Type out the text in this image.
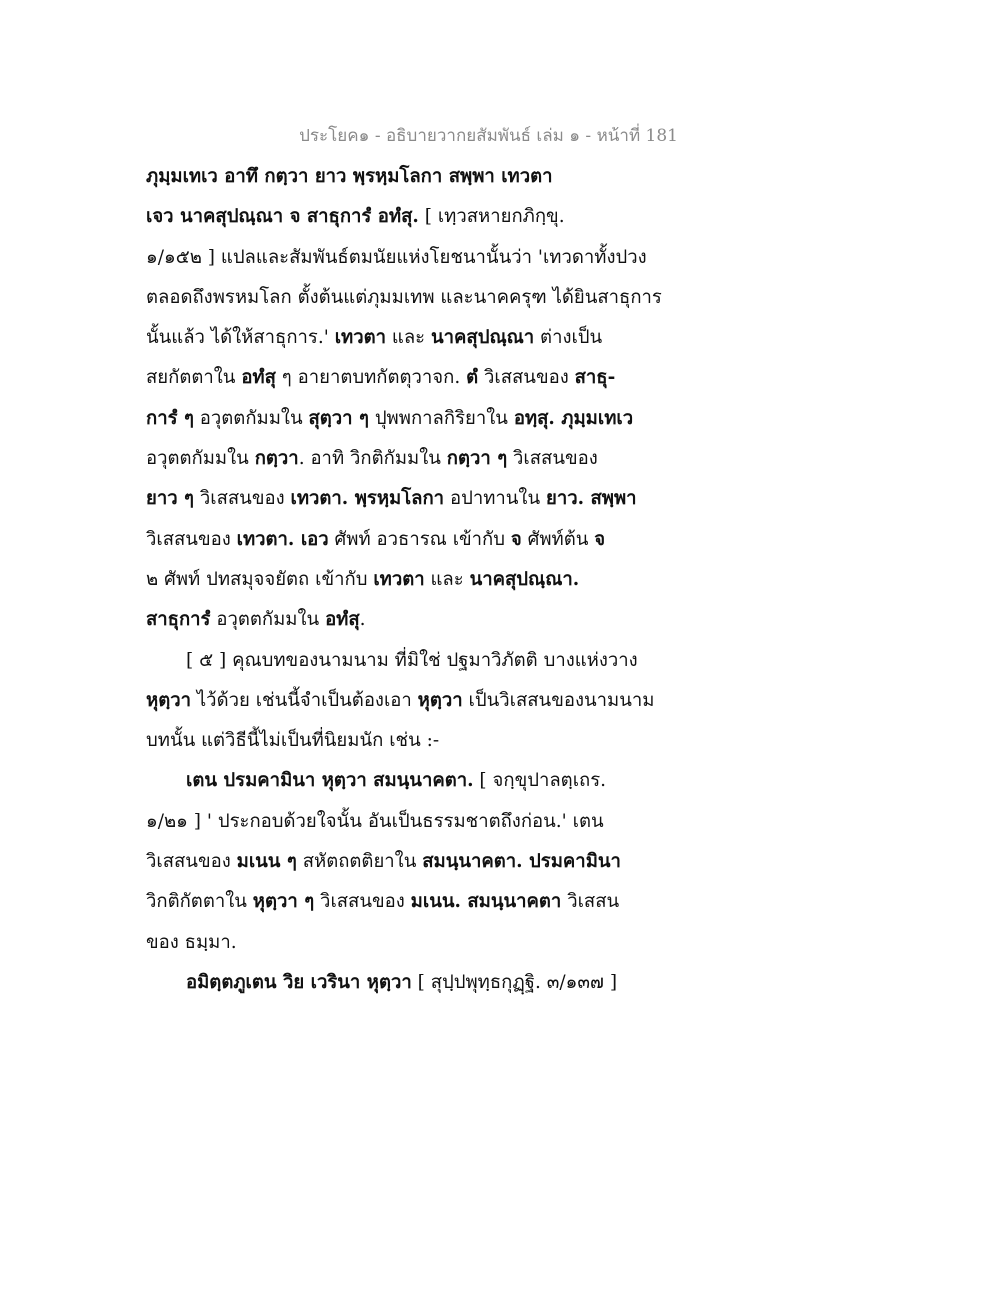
ประโยค๑ - อธิบายวากยสัมพันธ์ เล่ม ๑ - หน้าที่ 181
ภุมฺมเทเว อาทึ กตฺวา ยาว พฺรหฺมโลกา สพฺพา เทวตา
เจว นาคสุปณฺณา จ สาธุการํ อทํสุ. [ เทฺวสหายกภิกฺขุ.
๑/๑๕๒ ] แปลและสัมพันธ์ตมนัยแห่งโยชนานั้นว่า 'เทวดาทั้งปวง
ตลอดถึงพรหมโลก ตั้งต้นแต่ภุมมเทพ และนาคครุฑ ได้ยินสาธุการ
นั้นแล้ว ได้ให้สาธุการ.' เทวตา และ นาคสุปณฺณา ต่างเป็น
สยกัตตาใน อทํสุ ๆ อายาตบทกัตตุวาจก. ตํ วิเสสนของ สาธุ-
การํ ๆ อวุตตกัมมใน สุตฺวา ๆ ปุพพกาลกิริยาใน อทฺสุ. ภุมฺมเทเว
อวุตตกัมมใน กตฺวา. อาทิ วิกติกัมมใน กตฺวา ๆ วิเสสนของ
ยาว ๆ วิเสสนของ เทวตา. พฺรหฺมโลกา อปาทานใน ยาว. สพฺพา
วิเสสนของ เทวตา. เอว ศัพท์ อวธารณ เข้ากับ จ ศัพท์ต้น จ
๒ ศัพท์ ปทสมุจจยัตถ เข้ากับ เทวตา และ นาคสุปณฺณา.
สาธุการํ อวุตตกัมมใน อทํสุ.
[ ๕ ] คุณบทของนามนาม ที่มิใช่ ปฐมาวิภัตติ บางแห่งวาง
หุตฺวา ไว้ด้วย เช่นนี้จำเป็นต้องเอา หุตฺวา เป็นวิเสสนของนามนาม
บทนั้น แต่วิธีนี้ไม่เป็นที่นิยมนัก เช่น :-
เตน ปรมคามินา หุตฺวา สมนฺนาคตา. [ จกฺขุปาลตฺเถร.
๑/๒๑ ] ' ประกอบด้วยใจนั้น อันเป็นธรรมชาตถึงก่อน.' เตน
วิเสสนของ มเนน ๆ สหัตถตติยาใน สมนฺนาคตา. ปรมคามินา
วิกติกัตตาใน หุตฺวา ๆ วิเสสนของ มเนน. สมนฺนาคตา วิเสสน
ของ ธมฺมา.
อมิตฺตภูเตน วิย เวรินา หุตฺวา [ สุปฺปพุทฺธกุฏฺฐิ. ๓/๑๓๗ ]
